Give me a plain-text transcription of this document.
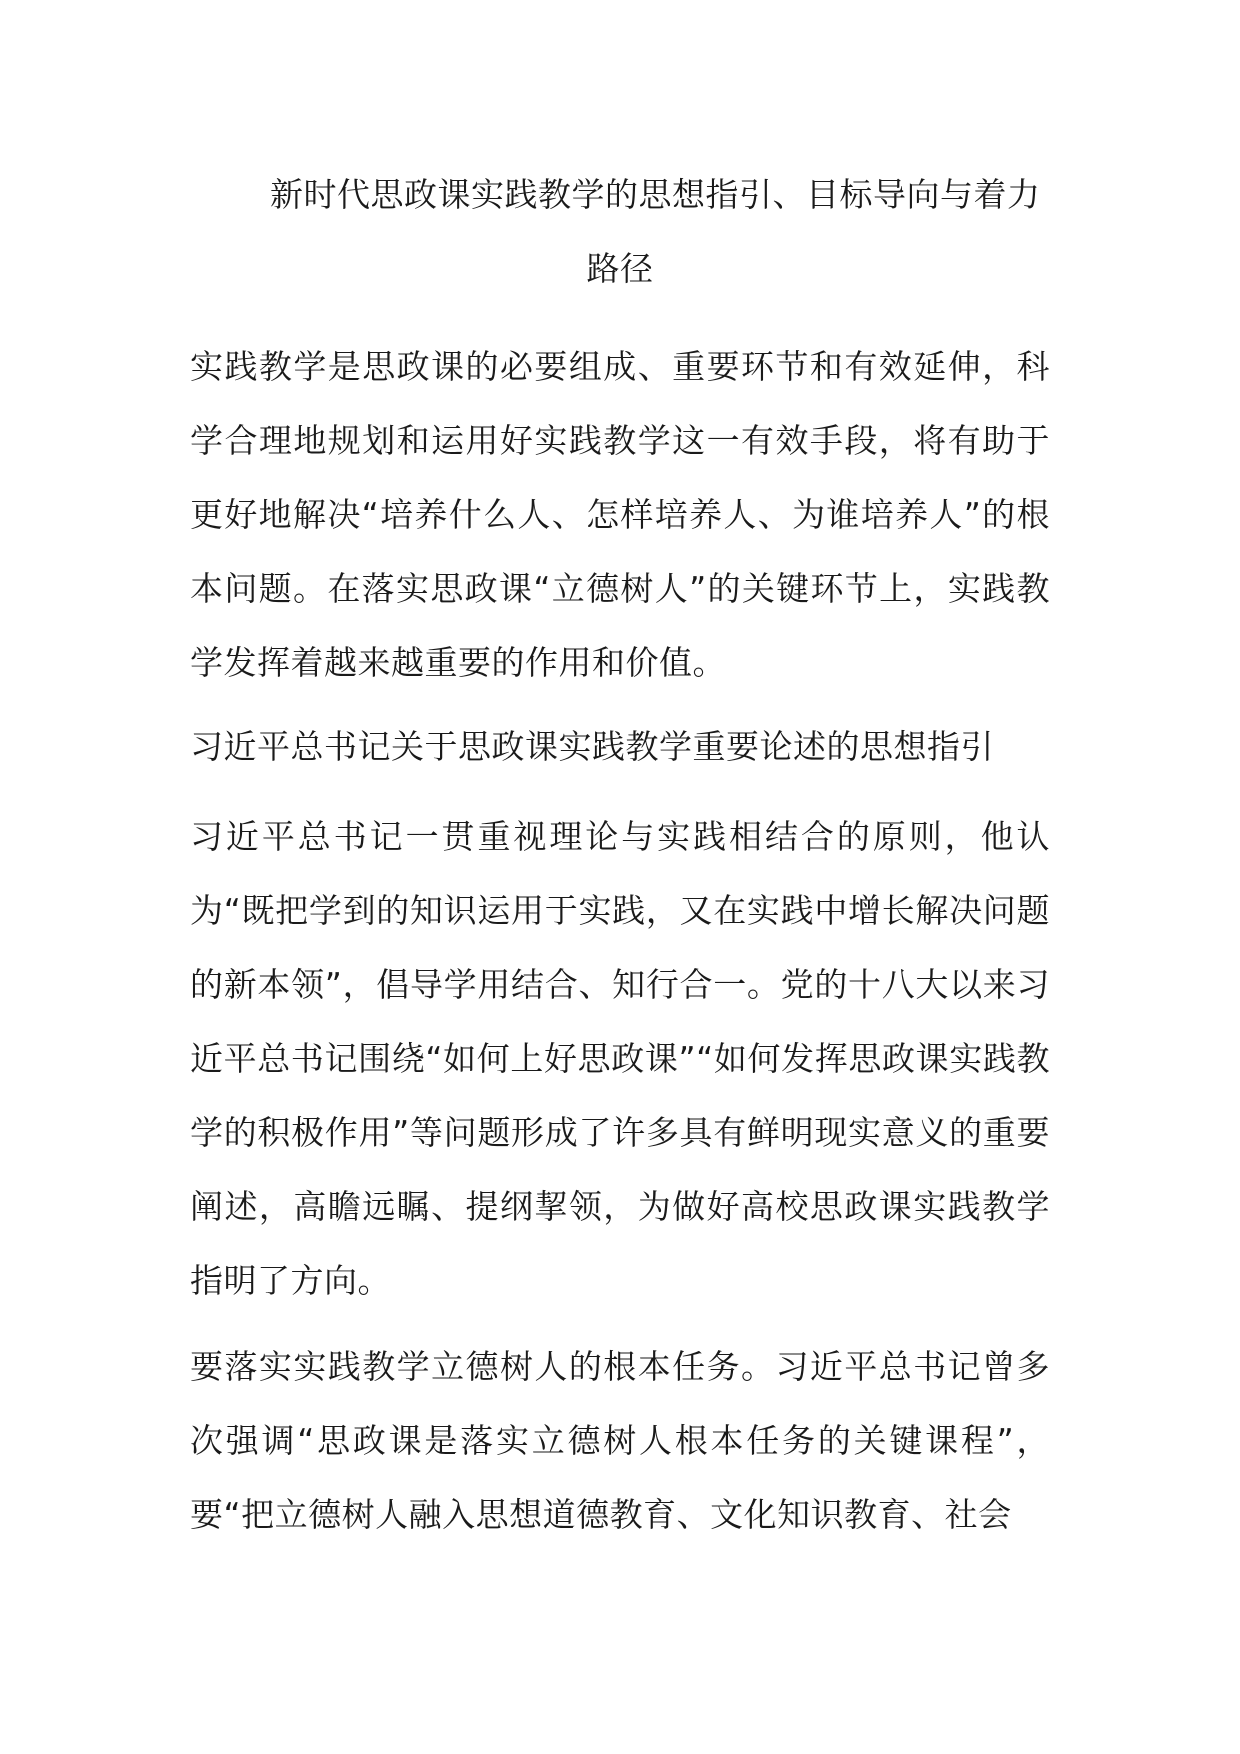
新时代思政课实践教学的思想指引、目标导向与着力
路径
实践教学是思政课的必要组成、重要环节和有效延伸，科学合理地规划和运用好实践教学这一有效手段，将有助于更好地解决“培养什么人、怎样培养人、为谁培养人”的根本问题。在落实思政课“立德树人”的关键环节上，实践教学发挥着越来越重要的作用和价值。
习近平总书记关于思政课实践教学重要论述的思想指引
习近平总书记一贯重视理论与实践相结合的原则，他认为“既把学到的知识运用于实践，又在实践中增长解决问题的新本领”，倡导学用结合、知行合一。党的十八大以来习近平总书记围绕“如何上好思政课”“如何发挥思政课实践教学的积极作用”等问题形成了许多具有鲜明现实意义的重要阐述，高瞻远瞩、提纲挈领，为做好高校思政课实践教学指明了方向。
要落实实践教学立德树人的根本任务。习近平总书记曾多次强调“思政课是落实立德树人根本任务的关键课程”，要“把立德树人融入思想道德教育、文化知识教育、社会
